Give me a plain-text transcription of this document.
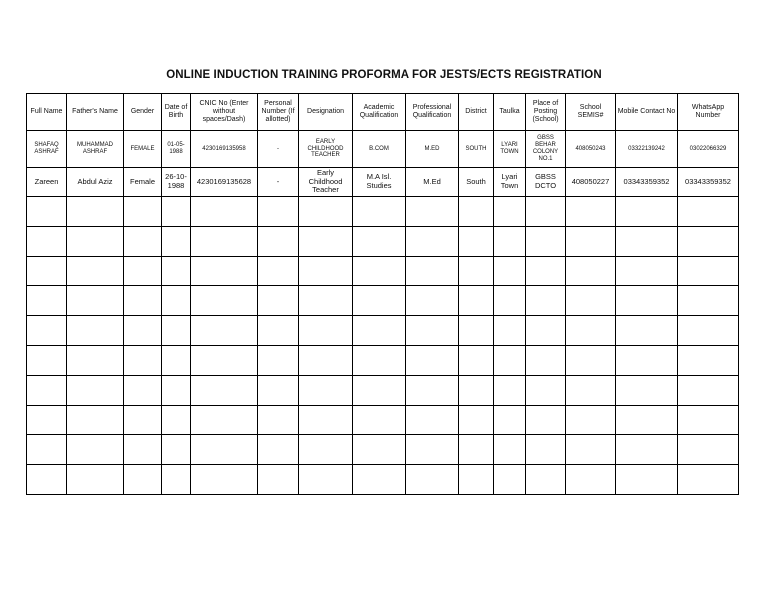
ONLINE INDUCTION TRAINING PROFORMA FOR JESTS/ECTS REGISTRATION
Full Name	Father's Name	Gender	Date of Birth	CNIC No (Enter without spaces/Dash)	Personal Number (If allotted)	Designation	Academic Qualification	Professional Qualification	District	Taulka	Place of Posting (School)	School SEMIS#	Mobile Contact No	WhatsApp Number
SHAFAQ ASHRAF	MUHAMMAD ASHRAF	FEMALE	01-05-1988	4230169135958	-	EARLY CHILDHOOD TEACHER	B.COM	M.ED	SOUTH	LYARI TOWN	GBSS BEHAR COLONY NO.1	408050243	03322139242	03022066329
Zareen	Abdul Aziz	Female	26-10-1988	4230169135628	-	Early Childhood Teacher	M.A Isl. Studies	M.Ed	South	Lyari Town	GBSS DCTO	408050227	03343359352	03343359352
